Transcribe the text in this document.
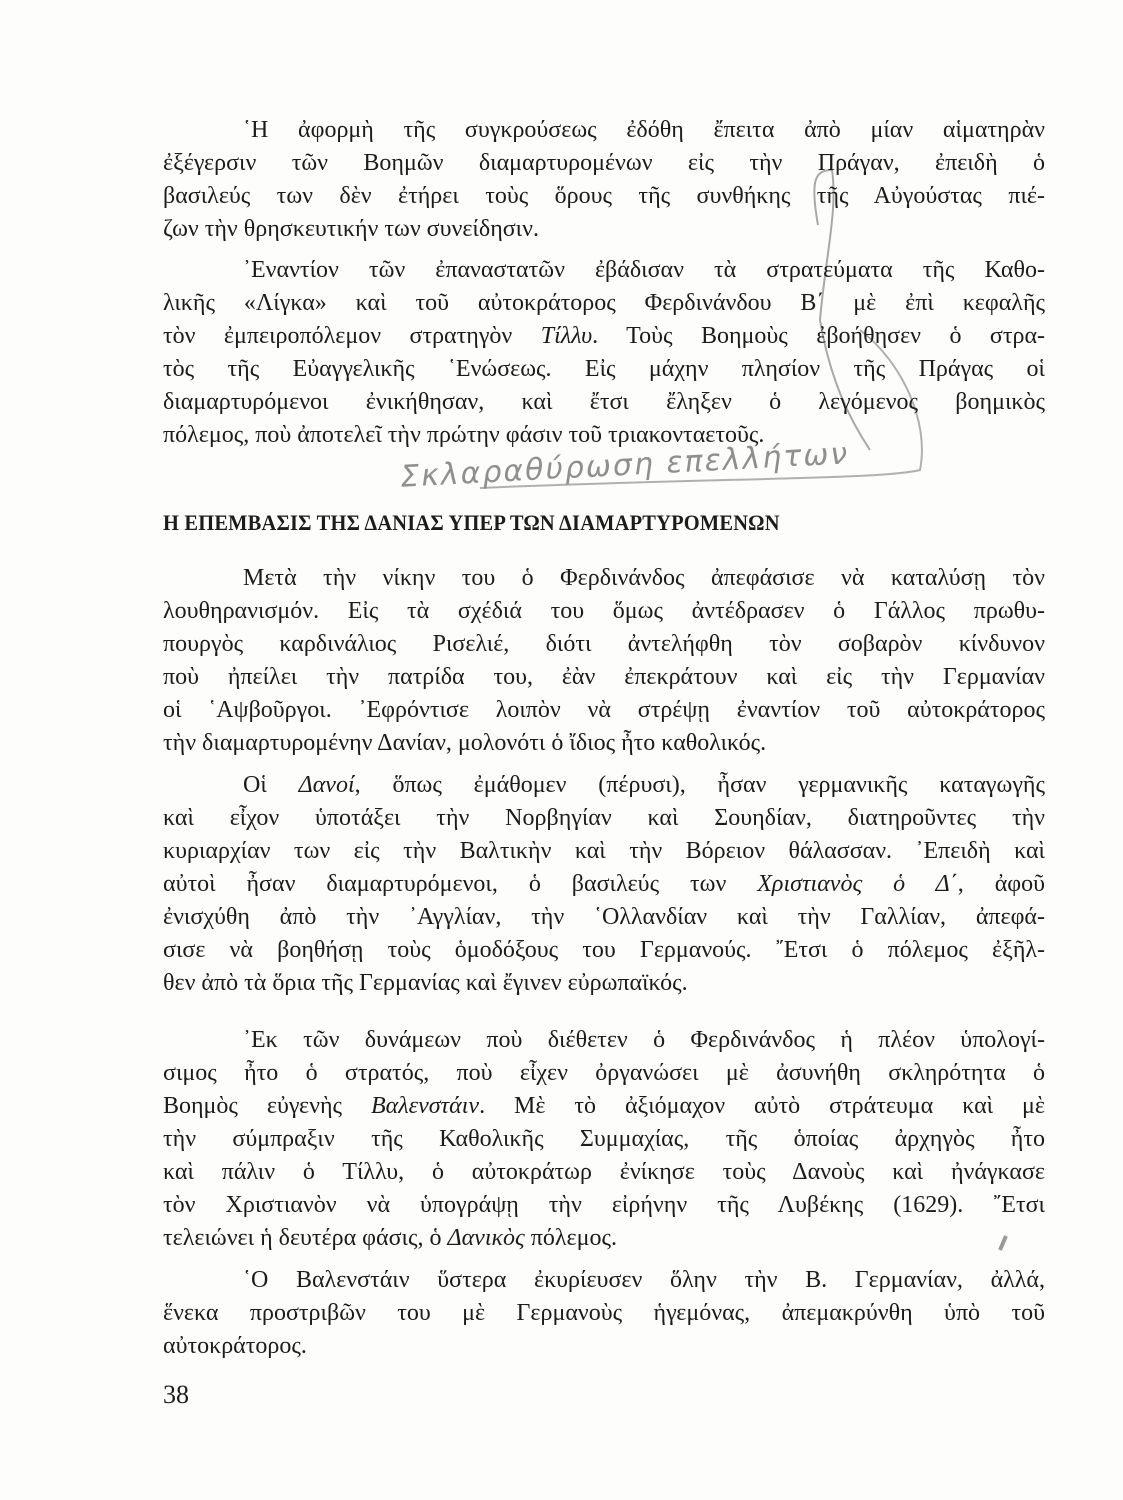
῾Η ἀφορμὴ τῆς συγκρούσεως ἐδόθη ἔπειτα ἀπὸ μίαν αἱματηρὰν
ἐξέγερσιν τῶν Βοημῶν διαμαρτυρομένων εἰς τὴν Πράγαν, ἐπειδὴ ὁ
βασιλεύς των δὲν ἐτήρει τοὺς ὅρους τῆς συνθήκης τῆς Αὐγούστας πιέ-
ζων τὴν θρησκευτικήν των συνείδησιν.
᾿Εναντίον τῶν ἐπαναστατῶν ἐβάδισαν τὰ στρατεύματα τῆς Καθο-
λικῆς «Λίγκα» καὶ τοῦ αὐτοκράτορος Φερδινάνδου Β΄ μὲ ἐπὶ κεφαλῆς
τὸν ἐμπειροπόλεμον στρατηγὸν Τίλλυ. Τοὺς Βοημοὺς ἐβοήθησεν ὁ στρα-
τὸς τῆς Εὐαγγελικῆς ῾Ενώσεως. Εἰς μάχην πλησίον τῆς Πράγας οἱ
διαμαρτυρόμενοι ἐνικήθησαν, καὶ ἔτσι ἔληξεν ὁ λεγόμενος βοημικὸς
πόλεμος, ποὺ ἀποτελεῖ τὴν πρώτην φάσιν τοῦ τριακονταετοῦς.
Μετὰ τὴν νίκην του ὁ Φερδινάνδος ἀπεφάσισε νὰ καταλύσῃ τὸν
λουθηρανισμόν. Εἰς τὰ σχέδιά του ὅμως ἀντέδρασεν ὁ Γάλλος πρωθυ-
πουργὸς καρδινάλιος Ρισελιέ, διότι ἀντελήφθη τὸν σοβαρὸν κίνδυνον
ποὺ ἠπείλει τὴν πατρίδα του, ἐὰν ἐπεκράτουν καὶ εἰς τὴν Γερμανίαν
οἱ ῾Αψβοῦργοι. ᾿Εφρόντισε λοιπὸν νὰ στρέψῃ ἐναντίον τοῦ αὐτοκράτορος
τὴν διαμαρτυρομένην Δανίαν, μολονότι ὁ ἴδιος ἦτο καθολικός.
Οἱ Δανοί, ὅπως ἐμάθομεν (πέρυσι), ἦσαν γερμανικῆς καταγωγῆς
καὶ εἶχον ὑποτάξει τὴν Νορβηγίαν καὶ Σουηδίαν, διατηροῦντες τὴν
κυριαρχίαν των εἰς τὴν Βαλτικὴν καὶ τὴν Βόρειον θάλασσαν. ᾿Επειδὴ καὶ
αὐτοὶ ἦσαν διαμαρτυρόμενοι, ὁ βασιλεύς των Χριστιανὸς ὁ Δ΄, ἀφοῦ
ἐνισχύθη ἀπὸ τὴν ᾿Αγγλίαν, τὴν ῾Ολλανδίαν καὶ τὴν Γαλλίαν, ἀπεφά-
σισε νὰ βοηθήσῃ τοὺς ὁμοδόξους του Γερμανούς. ῎Ετσι ὁ πόλεμος ἐξῆλ-
θεν ἀπὸ τὰ ὅρια τῆς Γερμανίας καὶ ἔγινεν εὐρωπαϊκός.
᾿Εκ τῶν δυνάμεων ποὺ διέθετεν ὁ Φερδινάνδος ἡ πλέον ὑπολογί-
σιμος ἦτο ὁ στρατός, ποὺ εἶχεν ὀργανώσει μὲ ἀσυνήθη σκληρότητα ὁ
Βοημὸς εὐγενὴς Βαλενστάιν. Μὲ τὸ ἀξιόμαχον αὐτὸ στράτευμα καὶ μὲ
τὴν σύμπραξιν τῆς Καθολικῆς Συμμαχίας, τῆς ὁποίας ἀρχηγὸς ἦτο
καὶ πάλιν ὁ Τίλλυ, ὁ αὐτοκράτωρ ἐνίκησε τοὺς Δανοὺς καὶ ἠνάγκασε
τὸν Χριστιανὸν νὰ ὑπογράψῃ τὴν εἰρήνην τῆς Λυβέκης (1629). ῎Ετσι
τελειώνει ἡ δευτέρα φάσις, ὁ Δανικὸς πόλεμος.
῾Ο Βαλενστάιν ὕστερα ἐκυρίευσεν ὅλην τὴν Β. Γερμανίαν, ἀλλά,
ἕνεκα προστριβῶν του μὲ Γερμανοὺς ἡγεμόνας, ἀπεμακρύνθη ὑπὸ τοῦ
αὐτοκράτορος.
Η ΕΠΕΜΒΑΣΙΣ ΤΗΣ ΔΑΝΙΑΣ ΥΠΕΡ ΤΩΝ ΔΙΑΜΑΡΤΥΡΟΜΕΝΩΝ
Σκλαραθύρωση επελλήτων
38
